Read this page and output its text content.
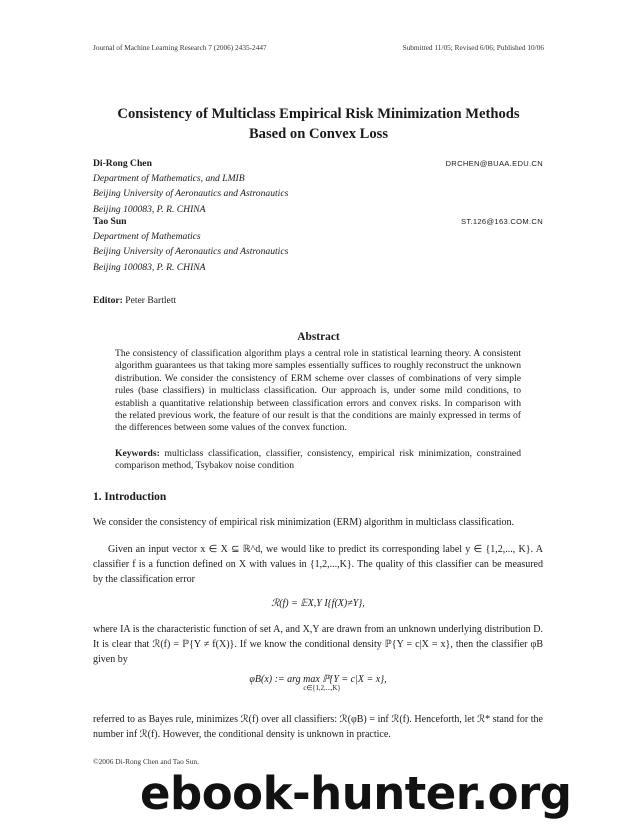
Journal of Machine Learning Research 7 (2006) 2435-2447	Submitted 11/05; Revised 6/06; Published 10/06
Consistency of Multiclass Empirical Risk Minimization Methods
Based on Convex Loss
Di-Rong Chen	DRCHEN@BUAA.EDU.CN
Department of Mathematics, and LMIB
Beijing University of Aeronautics and Astronautics
Beijing 100083, P. R. CHINA
Tao Sun	ST.126@163.COM.CN
Department of Mathematics
Beijing University of Aeronautics and Astronautics
Beijing 100083, P. R. CHINA
Editor: Peter Bartlett
Abstract
The consistency of classification algorithm plays a central role in statistical learning theory. A consistent algorithm guarantees us that taking more samples essentially suffices to roughly reconstruct the unknown distribution. We consider the consistency of ERM scheme over classes of combinations of very simple rules (base classifiers) in multiclass classification. Our approach is, under some mild conditions, to establish a quantitative relationship between classification errors and convex risks. In comparison with the related previous work, the feature of our result is that the conditions are mainly expressed in terms of the differences between some values of the convex function.
Keywords: multiclass classification, classifier, consistency, empirical risk minimization, constrained comparison method, Tsybakov noise condition
1. Introduction
We consider the consistency of empirical risk minimization (ERM) algorithm in multiclass classification.
Given an input vector x ∈ X ⊆ ℝ^d, we would like to predict its corresponding label y ∈ {1,2,..., K}. A classifier f is a function defined on X with values in {1,2,...,K}. The quality of this classifier can be measured by the classification error
ℛ(f) = 𝔼X,Y I{f(X)≠Y},
where IA is the characteristic function of set A, and X,Y are drawn from an unknown underlying distribution D. It is clear that ℛ(f) = ℙ{Y ≠ f(X)}. If we know the conditional density ℙ{Y = c|X = x}, then the classifier φB given by
φB(x) := arg max ℙ{Y = c|X = x},
c∈{1,2,...,K}
referred to as Bayes rule, minimizes ℛ(f) over all classifiers: ℛ(φB) = inf ℛ(f). Henceforth, let ℛ* stand for the number inf ℛ(f). However, the conditional density is unknown in practice.
©2006 Di-Rong Chen and Tao Sun.
ebook-hunter.org
